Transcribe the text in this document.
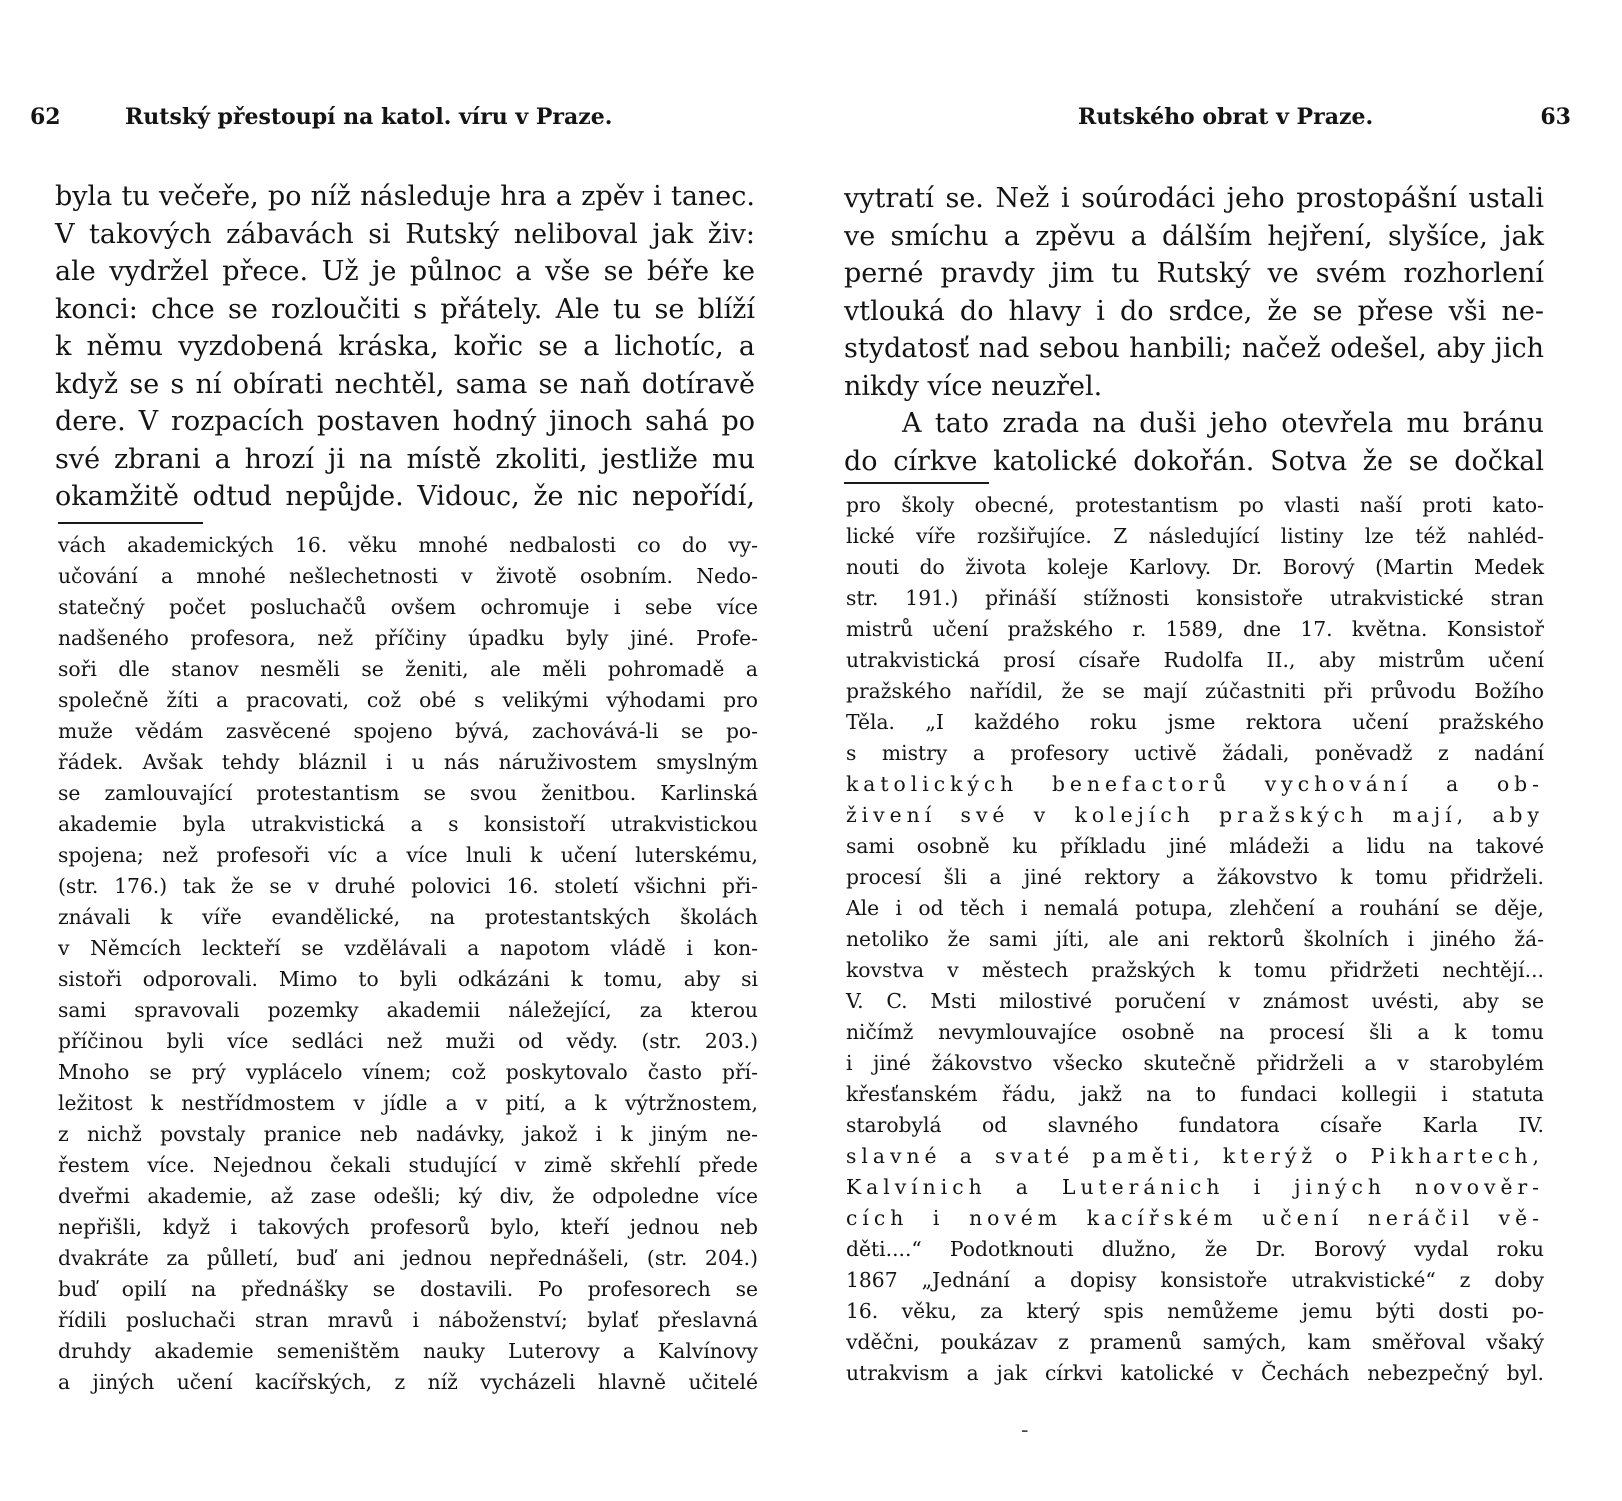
62	Rutský přestoupí na katol. víru v Praze.
byla tu večeře, po níž následuje hra a zpěv i tanec.
V takových zábavách si Rutský neliboval jak živ:
ale vydržel přece. Už je půlnoc a vše se béře ke
konci: chce se rozloučiti s přátely. Ale tu se blíží
k němu vyzdobená kráska, kořic se a lichotíc, a
když se s ní obírati nechtěl, sama se naň dotíravě
dere. V rozpacích postaven hodný jinoch sahá po
své zbrani a hrozí ji na místě zkoliti, jestliže mu
okamžitě odtud nepůjde. Vidouc, že nic nepořídí,
vách akademických 16. věku mnohé nedbalosti co do vy-
učování a mnohé nešlechetnosti v životě osobním. Nedo-
statečný počet posluchačů ovšem ochromuje i sebe více
nadšeného profesora, než příčiny úpadku byly jiné. Profe-
soři dle stanov nesměli se ženiti, ale měli pohromadě a
společně žíti a pracovati, což obé s velikými výhodami pro
muže vědám zasvěcené spojeno bývá, zachovává-li se po-
řádek. Avšak tehdy bláznil i u nás náruživostem smyslným
se zamlouvající protestantism se svou ženitbou. Karlinská
akademie byla utrakvistická a s konsistoří utrakvistickou
spojena; než profesoři víc a více lnuli k učení luterskému,
(str. 176.) tak že se v druhé polovici 16. století všichni při-
znávali k víře evandělické, na protestantských školách
v Němcích leckteří se vzdělávali a napotom vládě i kon-
sistoři odporovali. Mimo to byli odkázáni k tomu, aby si
sami spravovali pozemky akademii náležející, za kterou
příčinou byli více sedláci než muži od vědy. (str. 203.)
Mnoho se prý vyplácelo vínem; což poskytovalo často pří-
ležitost k nestřídmostem v jídle a v pití, a k výtržnostem,
z nichž povstaly pranice neb nadávky, jakož i k jiným ne-
řestem více. Nejednou čekali studující v zimě skřehlí přede
dveřmi akademie, až zase odešli; ký div, že odpoledne více
nepřišli, když i takových profesorů bylo, kteří jednou neb
dvakráte za půlletí, buď ani jednou nepřednášeli, (str. 204.)
buď opilí na přednášky se dostavili. Po profesorech se
řídili posluchači stran mravů i náboženství; bylať přeslavná
druhdy akademie semeništěm nauky Luterovy a Kalvínovy
a jiných učení kacířských, z níž vycházeli hlavně učitelé
Rutského obrat v Praze.	63
vytratí se. Než i soúrodáci jeho prostopášní ustali
ve smíchu a zpěvu a dálším hejření, slyšíce, jak
perné pravdy jim tu Rutský ve svém rozhorlení
vtlouká do hlavy i do srdce, že se přese vši ne-
stydatosť nad sebou hanbili; načež odešel, aby jich
nikdy více neuzřel.
A tato zrada na duši jeho otevřela mu bránu
do církve katolické dokořán. Sotva že se dočkal
pro školy obecné, protestantism po vlasti naší proti kato-
lické víře rozšiřujíce. Z následující listiny lze též nahléd-
nouti do života koleje Karlovy. Dr. Borový (Martin Medek
str. 191.) přináší stížnosti konsistoře utrakvistické stran
mistrů učení pražského r. 1589, dne 17. května. Konsistoř
utrakvistická prosí císaře Rudolfa II., aby mistrům učení
pražského nařídil, že se mají zúčastniti při průvodu Božího
Těla. „I každého roku jsme rektora učení pražského
s mistry a profesory uctivě žádali, poněvadž z nadání
katolických benefactorů vychování a ob-
živení své v kolejích pražských mají, aby
sami osobně ku příkladu jiné mládeži a lidu na takové
procesí šli a jiné rektory a žákovstvo k tomu přidrželi.
Ale i od těch i nemalá potupa, zlehčení a rouhání se děje,
netoliko že sami jíti, ale ani rektorů školních i jiného žá-
kovstva v městech pražských k tomu přidržeti nechtějí...
V. C. Msti milostivé poručení v známost uvésti, aby se
ničímž nevymlouvajíce osobně na procesí šli a k tomu
i jiné žákovstvo všecko skutečně přidrželi a v starobylém
křesťanském řádu, jakž na to fundaci kollegii i statuta
starobylá od slavného fundatora císaře Karla IV.
slavné a svaté paměti, kterýž o Pikhartech,
Kalvínich a Luteránich i jiných novověr-
cích i novém kacířském učení neráčil vě-
děti....“ Podotknouti dlužno, že Dr. Borový vydal roku
1867 „Jednání a dopisy konsistoře utrakvistické“ z doby
16. věku, za který spis nemůžeme jemu býti dosti po-
vděčni, poukázav z pramenů samých, kam směřoval všaký
utrakvism a jak církvi katolické v Čechách nebezpečný byl.
-
